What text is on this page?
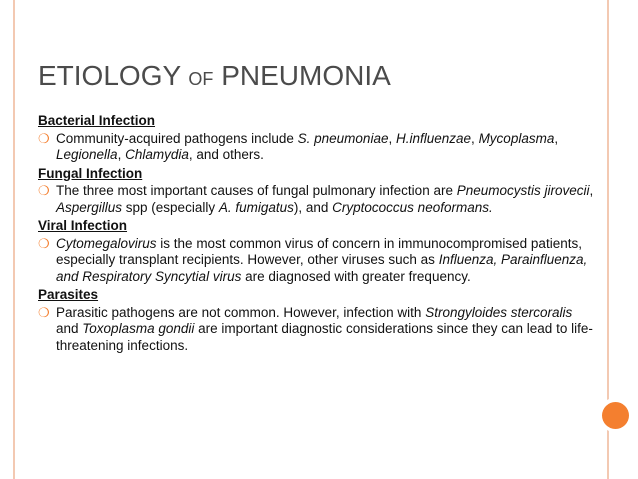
ETIOLOGY OF PNEUMONIA
Bacterial Infection
❍ Community-acquired pathogens include S. pneumoniae, H.influenzae, Mycoplasma, Legionella, Chlamydia, and others.
Fungal Infection
❍ The three most important causes of fungal pulmonary infection are Pneumocystis jirovecii, Aspergillus spp (especially A. fumigatus), and Cryptococcus neoformans.
Viral Infection
❍ Cytomegalovirus is the most common virus of concern in immunocompromised patients, especially transplant recipients. However, other viruses such as Influenza, Parainfluenza, and Respiratory Syncytial virus are diagnosed with greater frequency.
Parasites
❍ Parasitic pathogens are not common. However, infection with Strongyloides stercoralis and Toxoplasma gondii are important diagnostic considerations since they can lead to life-threatening infections.
